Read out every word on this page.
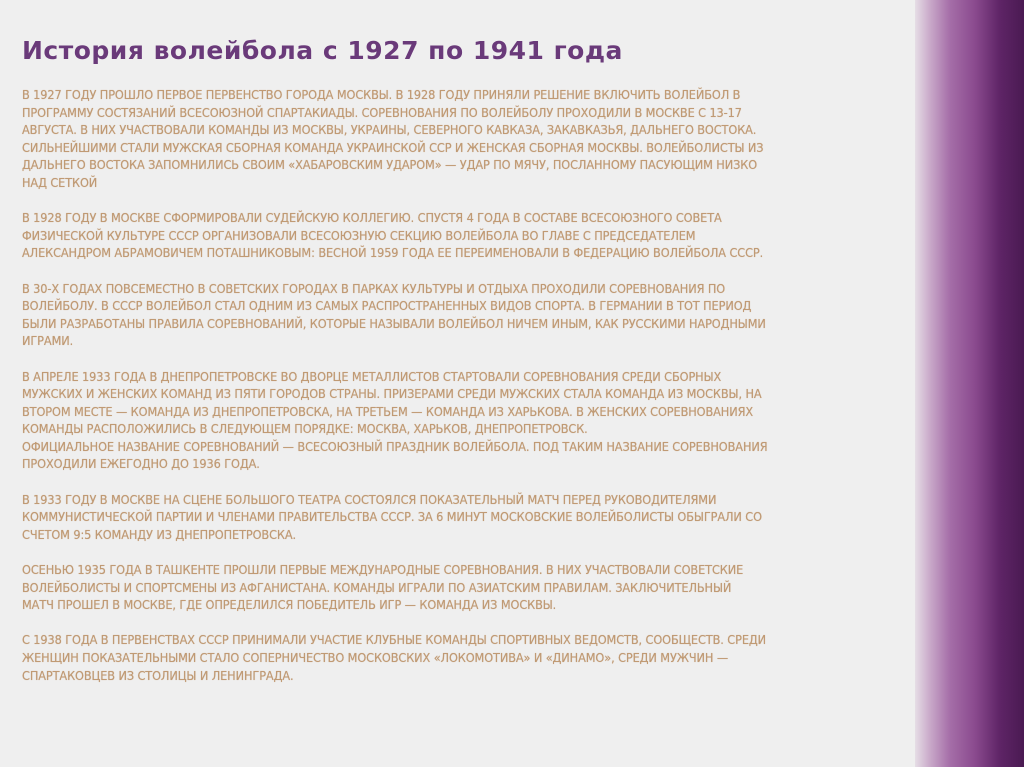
История волейбола с 1927 по 1941 года

В 1927 ГОДУ ПРОШЛО ПЕРВОЕ ПЕРВЕНСТВО ГОРОДА МОСКВЫ. В 1928 ГОДУ ПРИНЯЛИ РЕШЕНИЕ ВКЛЮЧИТЬ ВОЛЕЙБОЛ В
ПРОГРАММУ СОСТЯЗАНИЙ ВСЕСОЮЗНОЙ СПАРТАКИАДЫ. СОРЕВНОВАНИЯ ПО ВОЛЕЙБОЛУ ПРОХОДИЛИ В МОСКВЕ С 13-17
АВГУСТА. В НИХ УЧАСТВОВАЛИ КОМАНДЫ ИЗ МОСКВЫ, УКРАИНЫ, СЕВЕРНОГО КАВКАЗА, ЗАКАВКАЗЬЯ, ДАЛЬНЕГО ВОСТОКА.
СИЛЬНЕЙШИМИ СТАЛИ МУЖСКАЯ СБОРНАЯ КОМАНДА УКРАИНСКОЙ ССР И ЖЕНСКАЯ СБОРНАЯ МОСКВЫ. ВОЛЕЙБОЛИСТЫ ИЗ
ДАЛЬНЕГО ВОСТОКА ЗАПОМНИЛИСЬ СВОИМ «ХАБАРОВСКИМ УДАРОМ» — УДАР ПО МЯЧУ, ПОСЛАННОМУ ПАСУЮЩИМ НИЗКО
НАД СЕТКОЙ

В 1928 ГОДУ В МОСКВЕ СФОРМИРОВАЛИ СУДЕЙСКУЮ КОЛЛЕГИЮ. СПУСТЯ 4 ГОДА В СОСТАВЕ ВСЕСОЮЗНОГО СОВЕТА
ФИЗИЧЕСКОЙ КУЛЬТУРЕ СССР ОРГАНИЗОВАЛИ ВСЕСОЮЗНУЮ СЕКЦИЮ ВОЛЕЙБОЛА ВО ГЛАВЕ С ПРЕДСЕДАТЕЛЕМ
АЛЕКСАНДРОМ АБРАМОВИЧЕМ ПОТАШНИКОВЫМ: ВЕСНОЙ 1959 ГОДА ЕЕ ПЕРЕИМЕНОВАЛИ В ФЕДЕРАЦИЮ ВОЛЕЙБОЛА СССР.

В 30-Х ГОДАХ ПОВСЕМЕСТНО В СОВЕТСКИХ ГОРОДАХ В ПАРКАХ КУЛЬТУРЫ И ОТДЫХА ПРОХОДИЛИ СОРЕВНОВАНИЯ ПО
ВОЛЕЙБОЛУ. В СССР ВОЛЕЙБОЛ СТАЛ ОДНИМ ИЗ САМЫХ РАСПРОСТРАНЕННЫХ ВИДОВ СПОРТА. В ГЕРМАНИИ В ТОТ ПЕРИОД
БЫЛИ РАЗРАБОТАНЫ ПРАВИЛА СОРЕВНОВАНИЙ, КОТОРЫЕ НАЗЫВАЛИ ВОЛЕЙБОЛ НИЧЕМ ИНЫМ, КАК РУССКИМИ НАРОДНЫМИ
ИГРАМИ.

В АПРЕЛЕ 1933 ГОДА В ДНЕПРОПЕТРОВСКЕ ВО ДВОРЦЕ МЕТАЛЛИСТОВ СТАРТОВАЛИ СОРЕВНОВАНИЯ СРЕДИ СБОРНЫХ
МУЖСКИХ И ЖЕНСКИХ КОМАНД ИЗ ПЯТИ ГОРОДОВ СТРАНЫ. ПРИЗЕРАМИ СРЕДИ МУЖСКИХ СТАЛА КОМАНДА ИЗ МОСКВЫ, НА
ВТОРОМ МЕСТЕ — КОМАНДА ИЗ ДНЕПРОПЕТРОВСКА, НА ТРЕТЬЕМ — КОМАНДА ИЗ ХАРЬКОВА. В ЖЕНСКИХ СОРЕВНОВАНИЯХ
КОМАНДЫ РАСПОЛОЖИЛИСЬ В СЛЕДУЮЩЕМ ПОРЯДКЕ: МОСКВА, ХАРЬКОВ, ДНЕПРОПЕТРОВСК.
ОФИЦИАЛЬНОЕ НАЗВАНИЕ СОРЕВНОВАНИЙ — ВСЕСОЮЗНЫЙ ПРАЗДНИК ВОЛЕЙБОЛА. ПОД ТАКИМ НАЗВАНИЕ СОРЕВНОВАНИЯ
ПРОХОДИЛИ ЕЖЕГОДНО ДО 1936 ГОДА.

В 1933 ГОДУ В МОСКВЕ НА СЦЕНЕ БОЛЬШОГО ТЕАТРА СОСТОЯЛСЯ ПОКАЗАТЕЛЬНЫЙ МАТЧ ПЕРЕД РУКОВОДИТЕЛЯМИ
КОММУНИСТИЧЕСКОЙ ПАРТИИ И ЧЛЕНАМИ ПРАВИТЕЛЬСТВА СССР. ЗА 6 МИНУТ МОСКОВСКИЕ ВОЛЕЙБОЛИСТЫ ОБЫГРАЛИ СО
СЧЕТОМ 9:5 КОМАНДУ ИЗ ДНЕПРОПЕТРОВСКА.

ОСЕНЬЮ 1935 ГОДА В ТАШКЕНТЕ ПРОШЛИ ПЕРВЫЕ МЕЖДУНАРОДНЫЕ СОРЕВНОВАНИЯ. В НИХ УЧАСТВОВАЛИ СОВЕТСКИЕ
ВОЛЕЙБОЛИСТЫ И СПОРТСМЕНЫ ИЗ АФГАНИСТАНА. КОМАНДЫ ИГРАЛИ ПО АЗИАТСКИМ ПРАВИЛАМ. ЗАКЛЮЧИТЕЛЬНЫЙ
МАТЧ ПРОШЕЛ В МОСКВЕ, ГДЕ ОПРЕДЕЛИЛСЯ ПОБЕДИТЕЛЬ ИГР — КОМАНДА ИЗ МОСКВЫ.

С 1938 ГОДА В ПЕРВЕНСТВАХ СССР ПРИНИМАЛИ УЧАСТИЕ КЛУБНЫЕ КОМАНДЫ СПОРТИВНЫХ ВЕДОМСТВ, СООБЩЕСТВ. СРЕДИ
ЖЕНЩИН ПОКАЗАТЕЛЬНЫМИ СТАЛО СОПЕРНИЧЕСТВО МОСКОВСКИХ «ЛОКОМОТИВА» И «ДИНАМО», СРЕДИ МУЖЧИН —
СПАРТАКОВЦЕВ ИЗ СТОЛИЦЫ И ЛЕНИНГРАДА.
